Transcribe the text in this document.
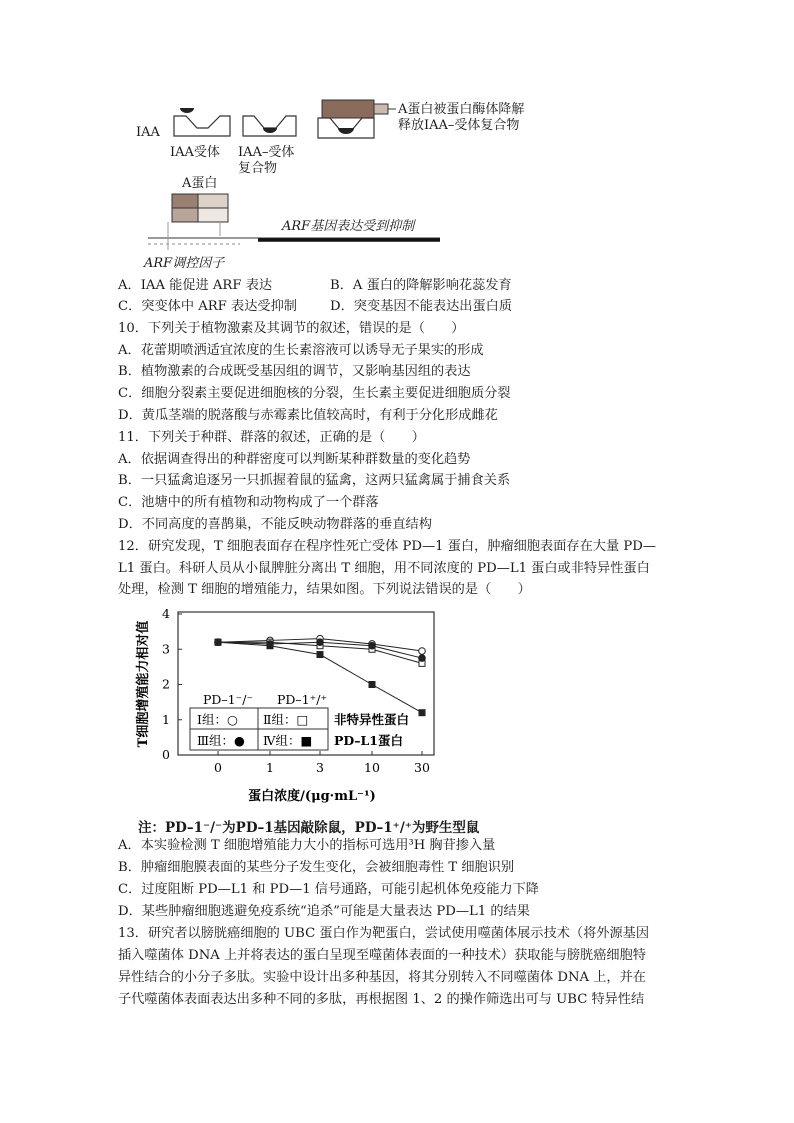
IAA
IAA受体 IAA–受体
复合物
A蛋白被蛋白酶体降解
释放IAA–受体复合物
A蛋白
ARF基因表达受到抑制
ARF调控因子
A．IAA 能促进 ARF 表达	B．A 蛋白的降解影响花蕊发育
C．突变体中 ARF 表达受抑制	D．突变基因不能表达出蛋白质
10．下列关于植物激素及其调节的叙述，错误的是（　　）
A．花蕾期喷洒适宜浓度的生长素溶液可以诱导无子果实的形成
B．植物激素的合成既受基因组的调节，又影响基因组的表达
C．细胞分裂素主要促进细胞核的分裂，生长素主要促进细胞质分裂
D．黄瓜茎端的脱落酸与赤霉素比值较高时，有利于分化形成雌花
11．下列关于种群、群落的叙述，正确的是（　　）
A．依据调查得出的种群密度可以判断某种群数量的变化趋势
B．一只猛禽追逐另一只抓握着鼠的猛禽，这两只猛禽属于捕食关系
C．池塘中的所有植物和动物构成了一个群落
D．不同高度的喜鹊巢，不能反映动物群落的垂直结构
12．研究发现，T 细胞表面存在程序性死亡受体 PD—1 蛋白，肿瘤细胞表面存在大量 PD—
L1 蛋白。科研人员从小鼠脾脏分离出 T 细胞，用不同浓度的 PD—L1 蛋白或非特异性蛋白
处理，检测 T 细胞的增殖能力，结果如图。下列说法错误的是（　　）
0
1
2
3
4
0	1	3	10	30
T细胞增殖能力相对值
蛋白浓度/(μg·mL⁻¹)
PD–1⁻/⁻ PD–1⁺/⁺
Ⅰ组：○ Ⅱ组：□
Ⅲ组：● Ⅳ组：■
非特异性蛋白
PD–L1蛋白
注：PD–1⁻/⁻为PD–1基因敲除鼠，PD–1⁺/⁺为野生型鼠
A．本实验检测 T 细胞增殖能力大小的指标可选用³H 胸苷掺入量
B．肿瘤细胞膜表面的某些分子发生变化，会被细胞毒性 T 细胞识别
C．过度阻断 PD—L1 和 PD—1 信号通路，可能引起机体免疫能力下降
D．某些肿瘤细胞逃避免疫系统“追杀”可能是大量表达 PD—L1 的结果
13．研究者以膀胱癌细胞的 UBC 蛋白作为靶蛋白，尝试使用噬菌体展示技术（将外源基因
插入噬菌体 DNA 上并将表达的蛋白呈现至噬菌体表面的一种技术）获取能与膀胱癌细胞特
异性结合的小分子多肽。实验中设计出多种基因，将其分别转入不同噬菌体 DNA 上，并在
子代噬菌体表面表达出多种不同的多肽，再根据图 1、2 的操作筛选出可与 UBC 特异性结
